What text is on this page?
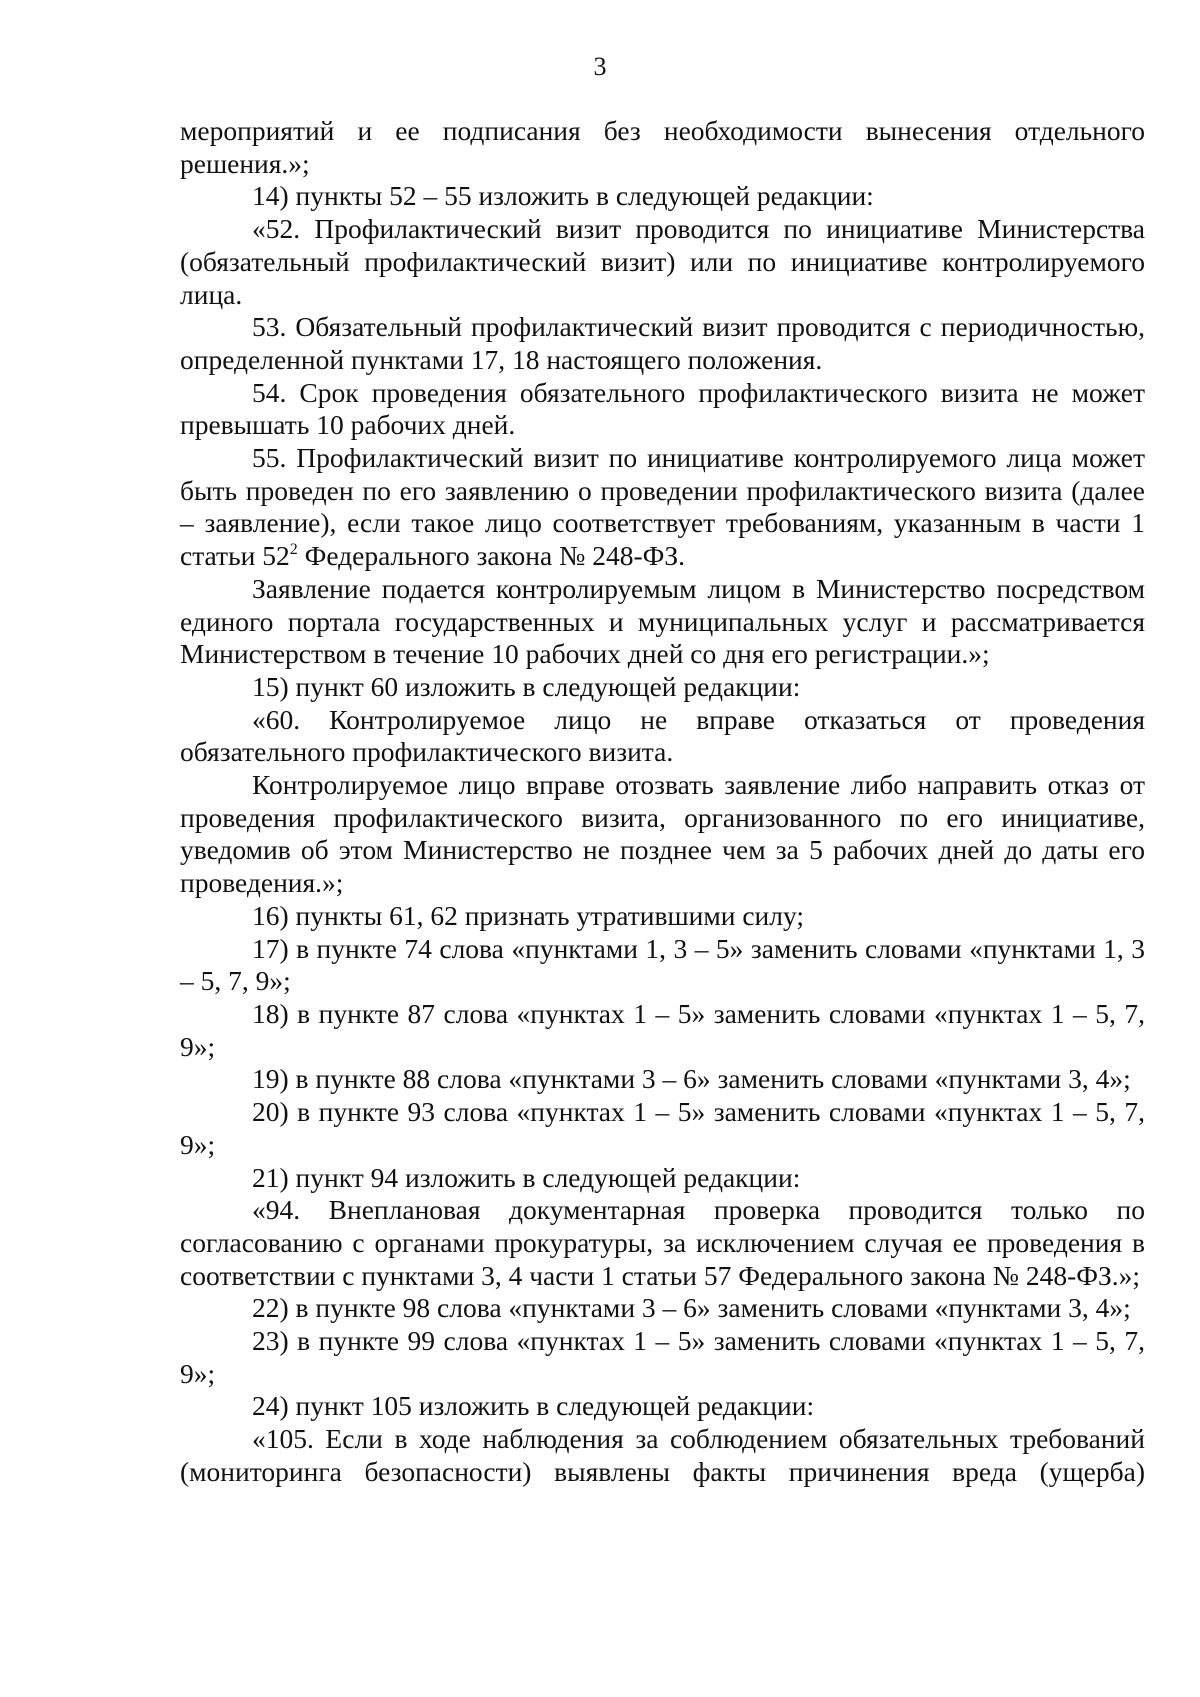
3

мероприятий и ее подписания без необходимости вынесения отдельного решения.»;

14) пункты 52 – 55 изложить в следующей редакции:

«52. Профилактический визит проводится по инициативе Министерства (обязательный профилактический визит) или по инициативе контролируемого лица.

53. Обязательный профилактический визит проводится с периодичностью, определенной пунктами 17, 18 настоящего положения.

54. Срок проведения обязательного профилактического визита не может превышать 10 рабочих дней.

55. Профилактический визит по инициативе контролируемого лица может быть проведен по его заявлению о проведении профилактического визита (далее – заявление), если такое лицо соответствует требованиям, указанным в части 1 статьи $52^2$ Федерального закона № 248-ФЗ.

Заявление подается контролируемым лицом в Министерство посредством единого портала государственных и муниципальных услуг и рассматривается Министерством в течение 10 рабочих дней со дня его регистрации.»;

15) пункт 60 изложить в следующей редакции:

«60. Контролируемое лицо не вправе отказаться от проведения обязательного профилактического визита.

Контролируемое лицо вправе отозвать заявление либо направить отказ от проведения профилактического визита, организованного по его инициативе, уведомив об этом Министерство не позднее чем за 5 рабочих дней до даты его проведения.»;

16) пункты 61, 62 признать утратившими силу;

17) в пункте 74 слова «пунктами 1, 3 – 5» заменить словами «пунктами 1, 3 – 5, 7, 9»;

18) в пункте 87 слова «пунктах 1 – 5» заменить словами «пунктах 1 – 5, 7, 9»;

19) в пункте 88 слова «пунктами 3 – 6» заменить словами «пунктами 3, 4»;

20) в пункте 93 слова «пунктах 1 – 5» заменить словами «пунктах 1 – 5, 7, 9»;

21) пункт 94 изложить в следующей редакции:

«94. Внеплановая документарная проверка проводится только по согласованию с органами прокуратуры, за исключением случая ее проведения в соответствии с пунктами 3, 4 части 1 статьи 57 Федерального закона № 248-ФЗ.»;

22) в пункте 98 слова «пунктами 3 – 6» заменить словами «пунктами 3, 4»;

23) в пункте 99 слова «пунктах 1 – 5» заменить словами «пунктах 1 – 5, 7, 9»;

24) пункт 105 изложить в следующей редакции:

«105. Если в ходе наблюдения за соблюдением обязательных требований (мониторинга безопасности) выявлены факты причинения вреда (ущерба)
